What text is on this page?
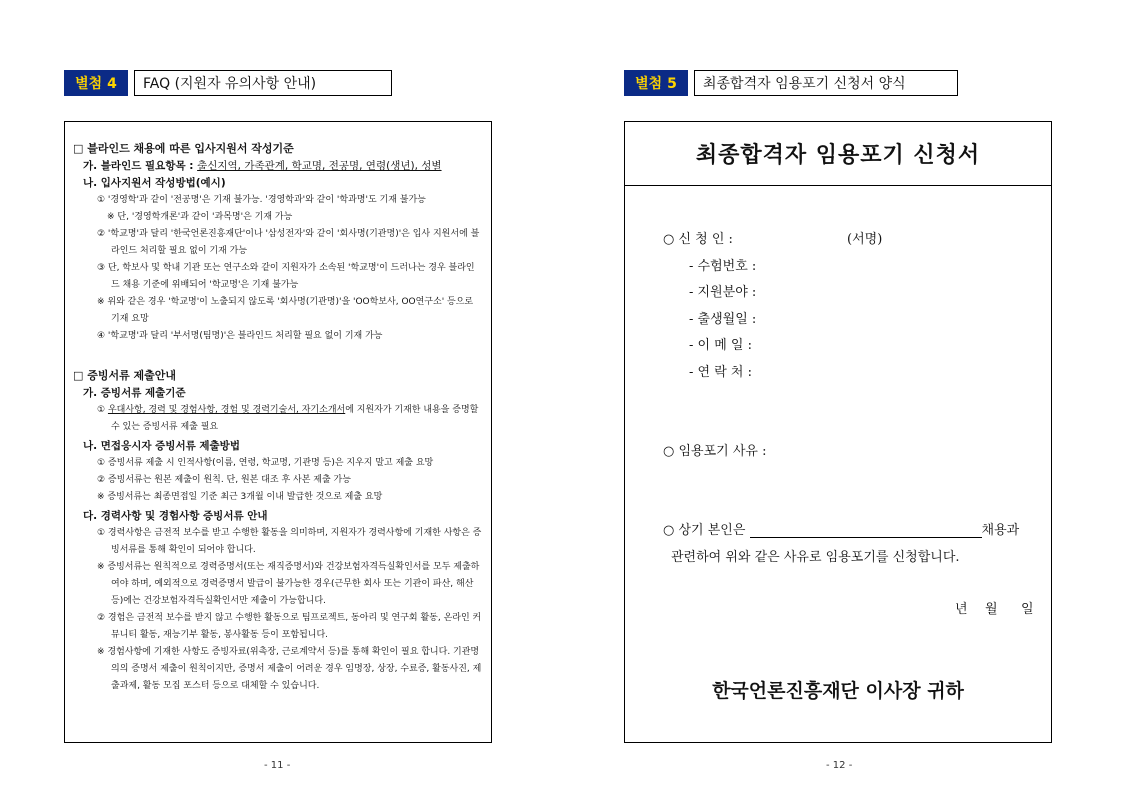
별첨 4	FAQ (지원자 유의사항 안내)
□ 블라인드 채용에 따른 입사지원서 작성기준
가. 블라인드 필요항목 : 출신지역, 가족관계, 학교명, 전공명, 연령(생년), 성별
나. 입사지원서 작성방법(예시)
① '경영학'과 같이 '전공명'은 기재 불가능. '경영학과'와 같이 '학과명'도 기재 불가능
※ 단, '경영학개론'과 같이 '과목명'은 기재 가능
② '학교명'과 달리 '한국언론진흥재단'이나 '삼성전자'와 같이 '회사명(기관명)'은 입사 지원서에 블라인드 처리할 필요 없이 기재 가능
③ 단, 학보사 및 학내 기관 또는 연구소와 같이 지원자가 소속된 '학교명'이 드러나는 경우 블라인드 채용 기준에 위배되어 '학교명'은 기재 불가능
※ 위와 같은 경우 '학교명'이 노출되지 않도록 '회사명(기관명)'을 'OO학보사, OO연구소' 등으로 기재 요망
④ '학교명'과 달리 '부서명(팀명)'은 블라인드 처리할 필요 없이 기재 가능
□ 증빙서류 제출안내
가. 증빙서류 제출기준
① 우대사항, 경력 및 경험사항, 경험 및 경력기술서, 자기소개서에 지원자가 기재한 내용을 증명할 수 있는 증빙서류 제출 필요
나. 면접응시자 증빙서류 제출방법
① 증빙서류 제출 시 인적사항(이름, 연령, 학교명, 기관명 등)은 지우지 말고 제출 요망
② 증빙서류는 원본 제출이 원칙. 단, 원본 대조 후 사본 제출 가능
※ 증빙서류는 최종면접일 기준 최근 3개월 이내 발급한 것으로 제출 요망
다. 경력사항 및 경험사항 증빙서류 안내
① 경력사항은 금전적 보수를 받고 수행한 활동을 의미하며, 지원자가 경력사항에 기재한 사항은 증빙서류를 통해 확인이 되어야 합니다.
※ 증빙서류는 원칙적으로 경력증명서(또는 재직증명서)와 건강보험자격득실확인서를 모두 제출하여야 하며, 예외적으로 경력증명서 발급이 불가능한 경우(근무한 회사 또는 기관이 파산, 해산 등)에는 건강보험자격득실확인서만 제출이 가능합니다.
② 경험은 금전적 보수를 받지 않고 수행한 활동으로 팀프로젝트, 동아리 및 연구회 활동, 온라인 커뮤니티 활동, 재능기부 활동, 봉사활동 등이 포함됩니다.
※ 경험사항에 기재한 사항도 증빙자료(위촉장, 근로계약서 등)를 통해 확인이 필요 합니다. 기관명의의 증명서 제출이 원칙이지만, 증명서 제출이 어려운 경우 임명장, 상장, 수료증, 활동사진, 제출과제, 활동 모집 포스터 등으로 대체할 수 있습니다.
- 11 -
별첨 5	최종합격자 임용포기 신청서 양식
최종합격자 임용포기 신청서
○ 신 청 인 :	(서명)
- 수험번호 :
- 지원분야 :
- 출생월일 :
- 이 메 일 :
- 연 락 처 :
○ 임용포기 사유 :
○ 상기 본인은	채용과
관련하여 위와 같은 사유로 임용포기를 신청합니다.
년 월 일
한국언론진흥재단 이사장 귀하
- 12 -
